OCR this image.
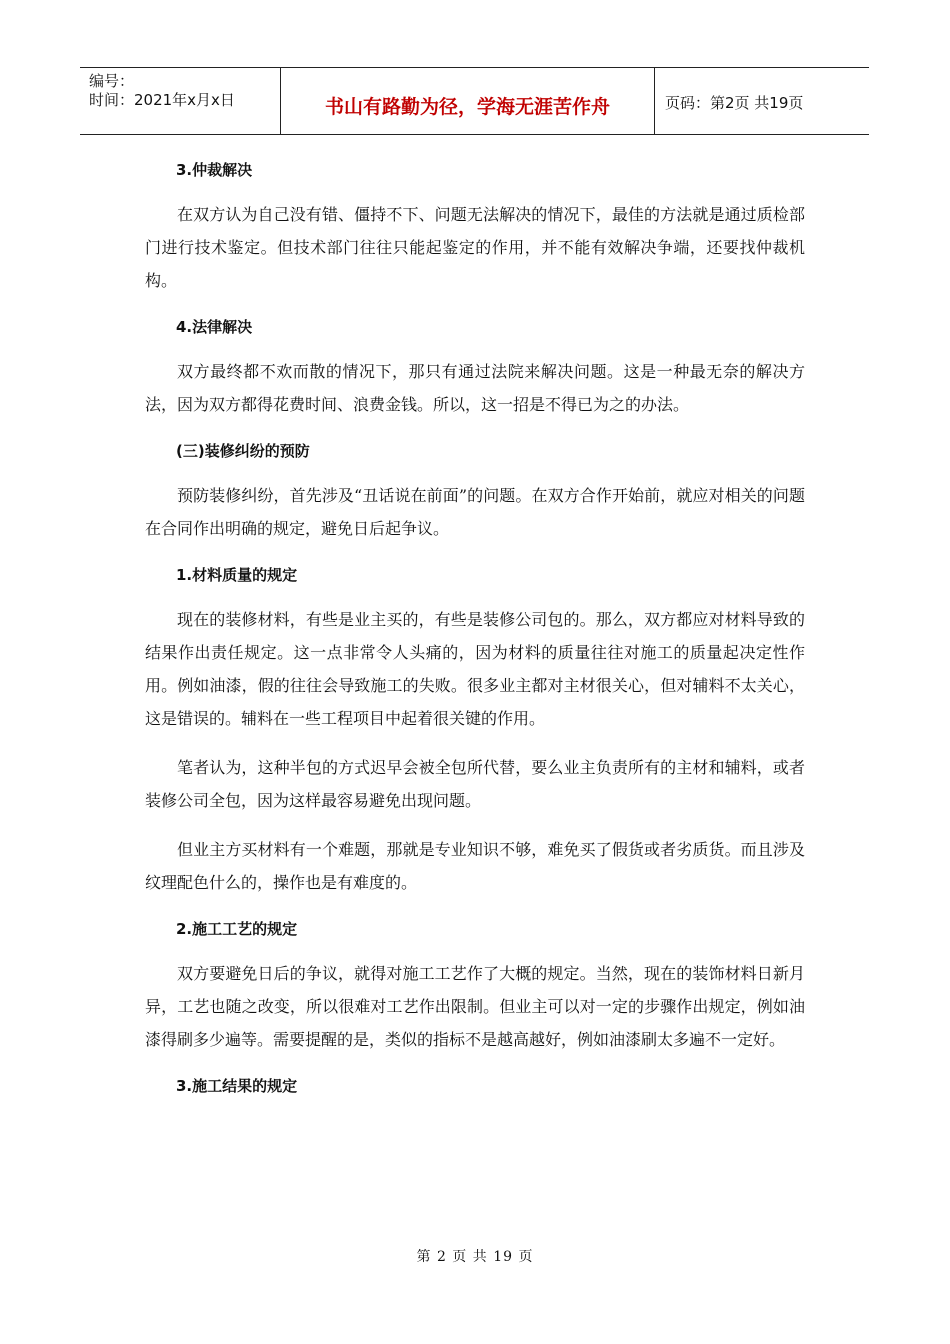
编号：
时间：2021年x月x日	书山有路勤为径，学海无涯苦作舟	页码：第2页 共19页
3.仲裁解决
在双方认为自己没有错、僵持不下、问题无法解决的情况下，最佳的方法就是通过质检部门进行技术鉴定。但技术部门往往只能起鉴定的作用，并不能有效解决争端，还要找仲裁机构。
4.法律解决
双方最终都不欢而散的情况下，那只有通过法院来解决问题。这是一种最无奈的解决方法，因为双方都得花费时间、浪费金钱。所以，这一招是不得已为之的办法。
(三)装修纠纷的预防
预防装修纠纷，首先涉及“丑话说在前面”的问题。在双方合作开始前，就应对相关的问题在合同作出明确的规定，避免日后起争议。
1.材料质量的规定
现在的装修材料，有些是业主买的，有些是装修公司包的。那么，双方都应对材料导致的结果作出责任规定。这一点非常令人头痛的，因为材料的质量往往对施工的质量起决定性作用。例如油漆，假的往往会导致施工的失败。很多业主都对主材很关心，但对辅料不太关心，这是错误的。辅料在一些工程项目中起着很关键的作用。
笔者认为，这种半包的方式迟早会被全包所代替，要么业主负责所有的主材和辅料，或者装修公司全包，因为这样最容易避免出现问题。
但业主方买材料有一个难题，那就是专业知识不够，难免买了假货或者劣质货。而且涉及纹理配色什么的，操作也是有难度的。
2.施工工艺的规定
双方要避免日后的争议，就得对施工工艺作了大概的规定。当然，现在的装饰材料日新月异，工艺也随之改变，所以很难对工艺作出限制。但业主可以对一定的步骤作出规定，例如油漆得刷多少遍等。需要提醒的是，类似的指标不是越高越好，例如油漆刷太多遍不一定好。
3.施工结果的规定
第 2 页 共 19 页
